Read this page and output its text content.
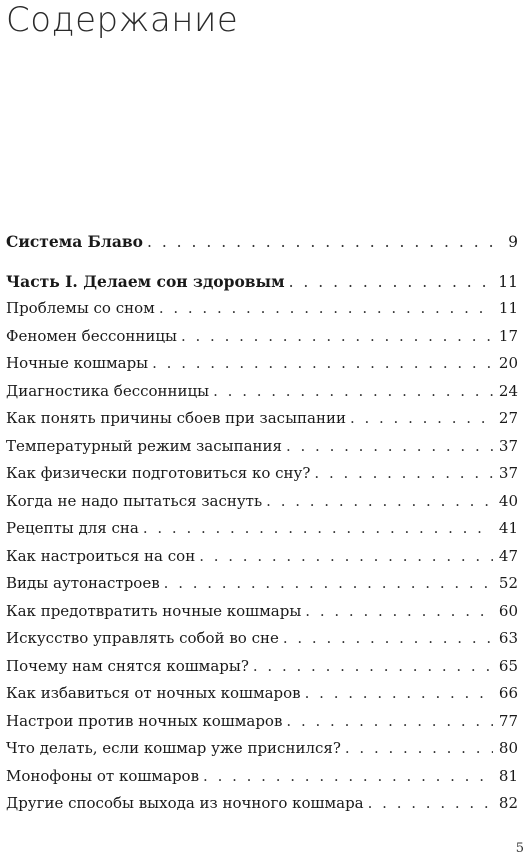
Содержание
Система Блаво . . .	9
Часть I. Делаем сон здоровым . . .	11
Проблемы со сном . . .	11
Феномен бессонницы . . .	17
Ночные кошмары . . .	20
Диагностика бессонницы . . .	24
Как понять причины сбоев при засыпании . . .	27
Температурный режим засыпания . . .	37
Как физически подготовиться ко сну? . . .	37
Когда не надо пытаться заснуть . . .	40
Рецепты для сна . . .	41
Как настроиться на сон . . .	47
Виды аутонастроев . . .	52
Как предотвратить ночные кошмары . . .	60
Искусство управлять собой во сне . . .	63
Почему нам снятся кошмары? . . .	65
Как избавиться от ночных кошмаров . . .	66
Настрои против ночных кошмаров . . .	77
Что делать, если кошмар уже приснился? . . .	80
Монофоны от кошмаров . . .	81
Другие способы выхода из ночного кошмара . . .	82
5
